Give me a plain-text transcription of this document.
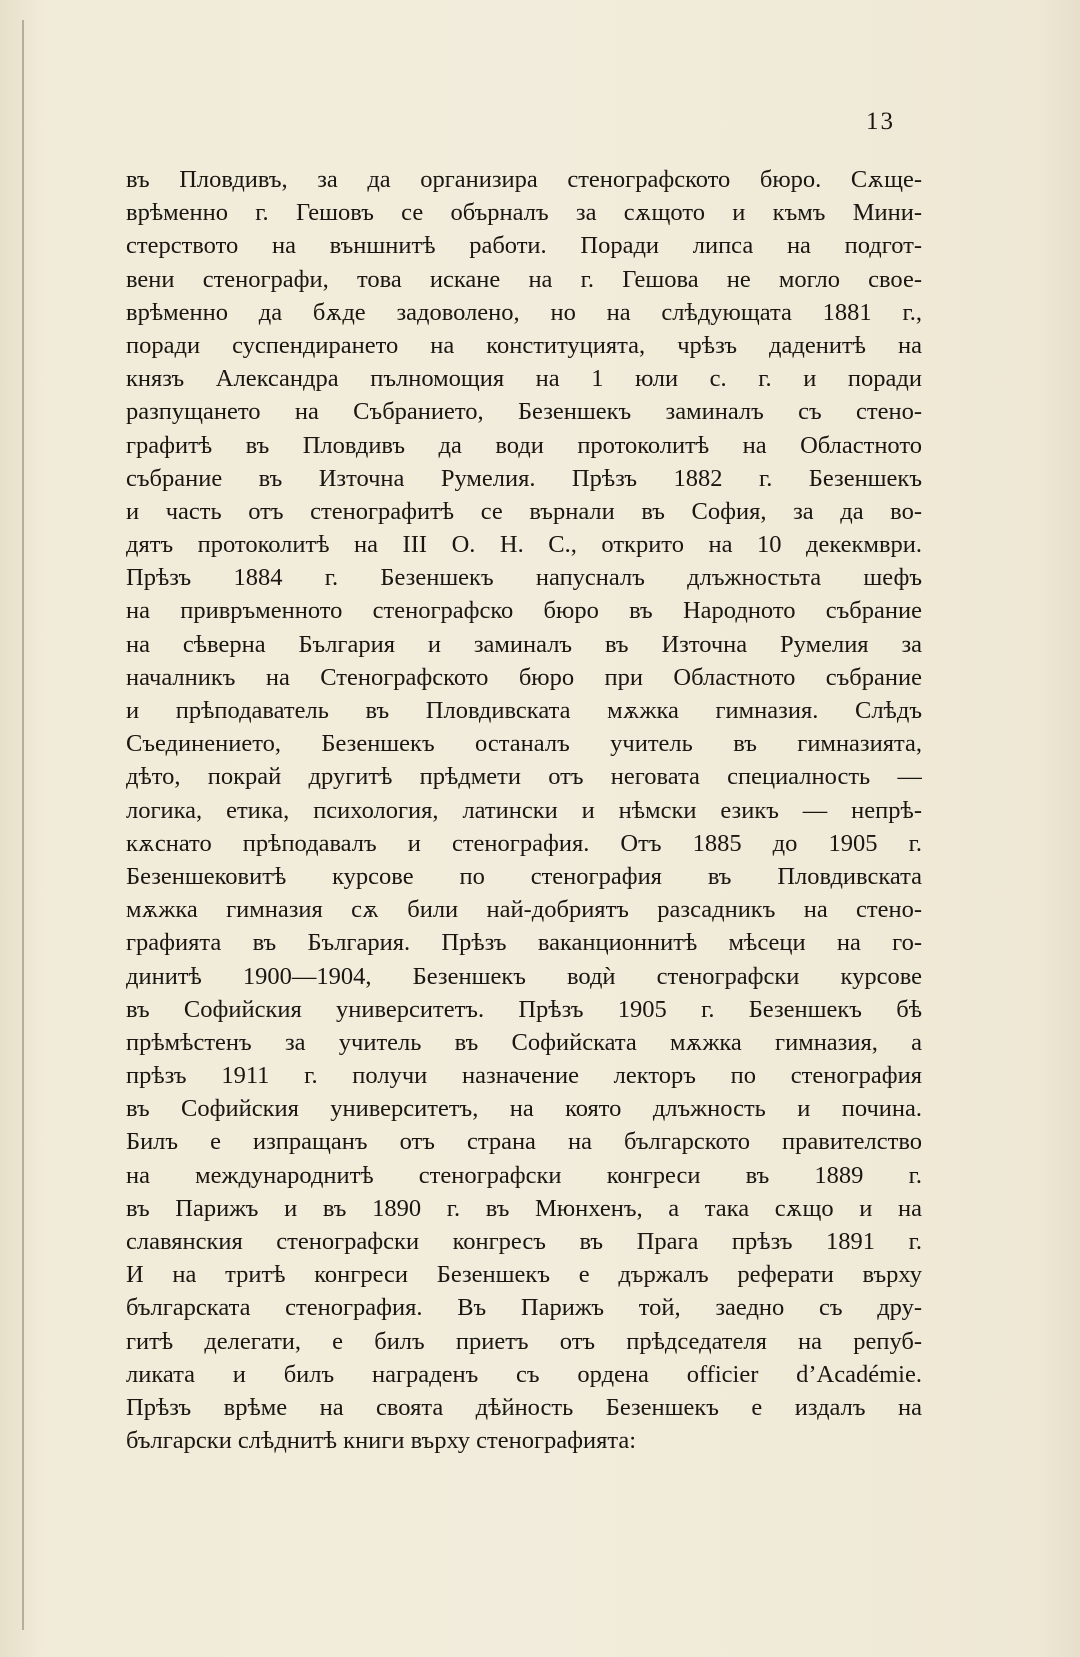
13
въ Пловдивъ, за да организира стенографското бюро. Сѫще-
врѣменно г. Гешовъ се обърналъ за сѫщото и къмъ Мини-
стерството на външнитѣ работи. Поради липса на подгот-
вени стенографи, това искане на г. Гешова не могло свое-
врѣменно да бѫде задоволено, но на слѣдующата 1881 г.,
поради суспендирането на конституцията, чрѣзъ даденитѣ на
князъ Александра пълномощия на 1 юли с. г. и поради
разпущането на Събранието, Безеншекъ заминалъ съ стено-
графитѣ въ Пловдивъ да води протоколитѣ на Областното
събрание въ Източна Румелия. Прѣзъ 1882 г. Безеншекъ
и часть отъ стенографитѣ се върнали въ София, за да во-
дятъ протоколитѣ на III О. Н. С., открито на 10 декекмври.
Прѣзъ 1884 г. Безеншекъ напусналъ длъжностьта шефъ
на привръменното стенографско бюро въ Народното събрание
на сѣверна България и заминалъ въ Източна Румелия за
началникъ на Стенографското бюро при Областното събрание
и прѣподаватель въ Пловдивската мѫжка гимназия. Слѣдъ
Съединението, Безеншекъ останалъ учитель въ гимназията,
дѣто, покрай другитѣ прѣдмети отъ неговата специалность —
логика, етика, психология, латински и нѣмски езикъ — непрѣ-
кѫснато прѣподавалъ и стенография. Отъ 1885 до 1905 г.
Безеншековитѣ курсове по стенография въ Пловдивската
мѫжка гимназия сѫ били най-добриятъ разсадникъ на стено-
графията въ България. Прѣзъ ваканционнитѣ мѣсеци на го-
динитѣ 1900—1904, Безеншекъ водѝ стенографски курсове
въ Софийския университетъ. Прѣзъ 1905 г. Безеншекъ бѣ
прѣмѣстенъ за учитель въ Софийската мѫжка гимназия, а
прѣзъ 1911 г. получи назначение лекторъ по стенография
въ Софийския университетъ, на която длъжность и почина.
Билъ е изпращанъ отъ страна на българското правителство
на международнитѣ стенографски конгреси въ 1889 г.
въ Парижъ и въ 1890 г. въ Мюнхенъ, а така сѫщо и на
славянския стенографски конгресъ въ Прага прѣзъ 1891 г.
И на тритѣ конгреси Безеншекъ е държалъ реферати върху
българската стенография. Въ Парижъ той, заедно съ дру-
гитѣ делегати, е билъ приетъ отъ прѣдседателя на репуб-
ликата и билъ награденъ съ ордена officier d’Académie.
Прѣзъ врѣме на своята дѣйность Безеншекъ е издалъ на
български слѣднитѣ книги върху стенографията:
